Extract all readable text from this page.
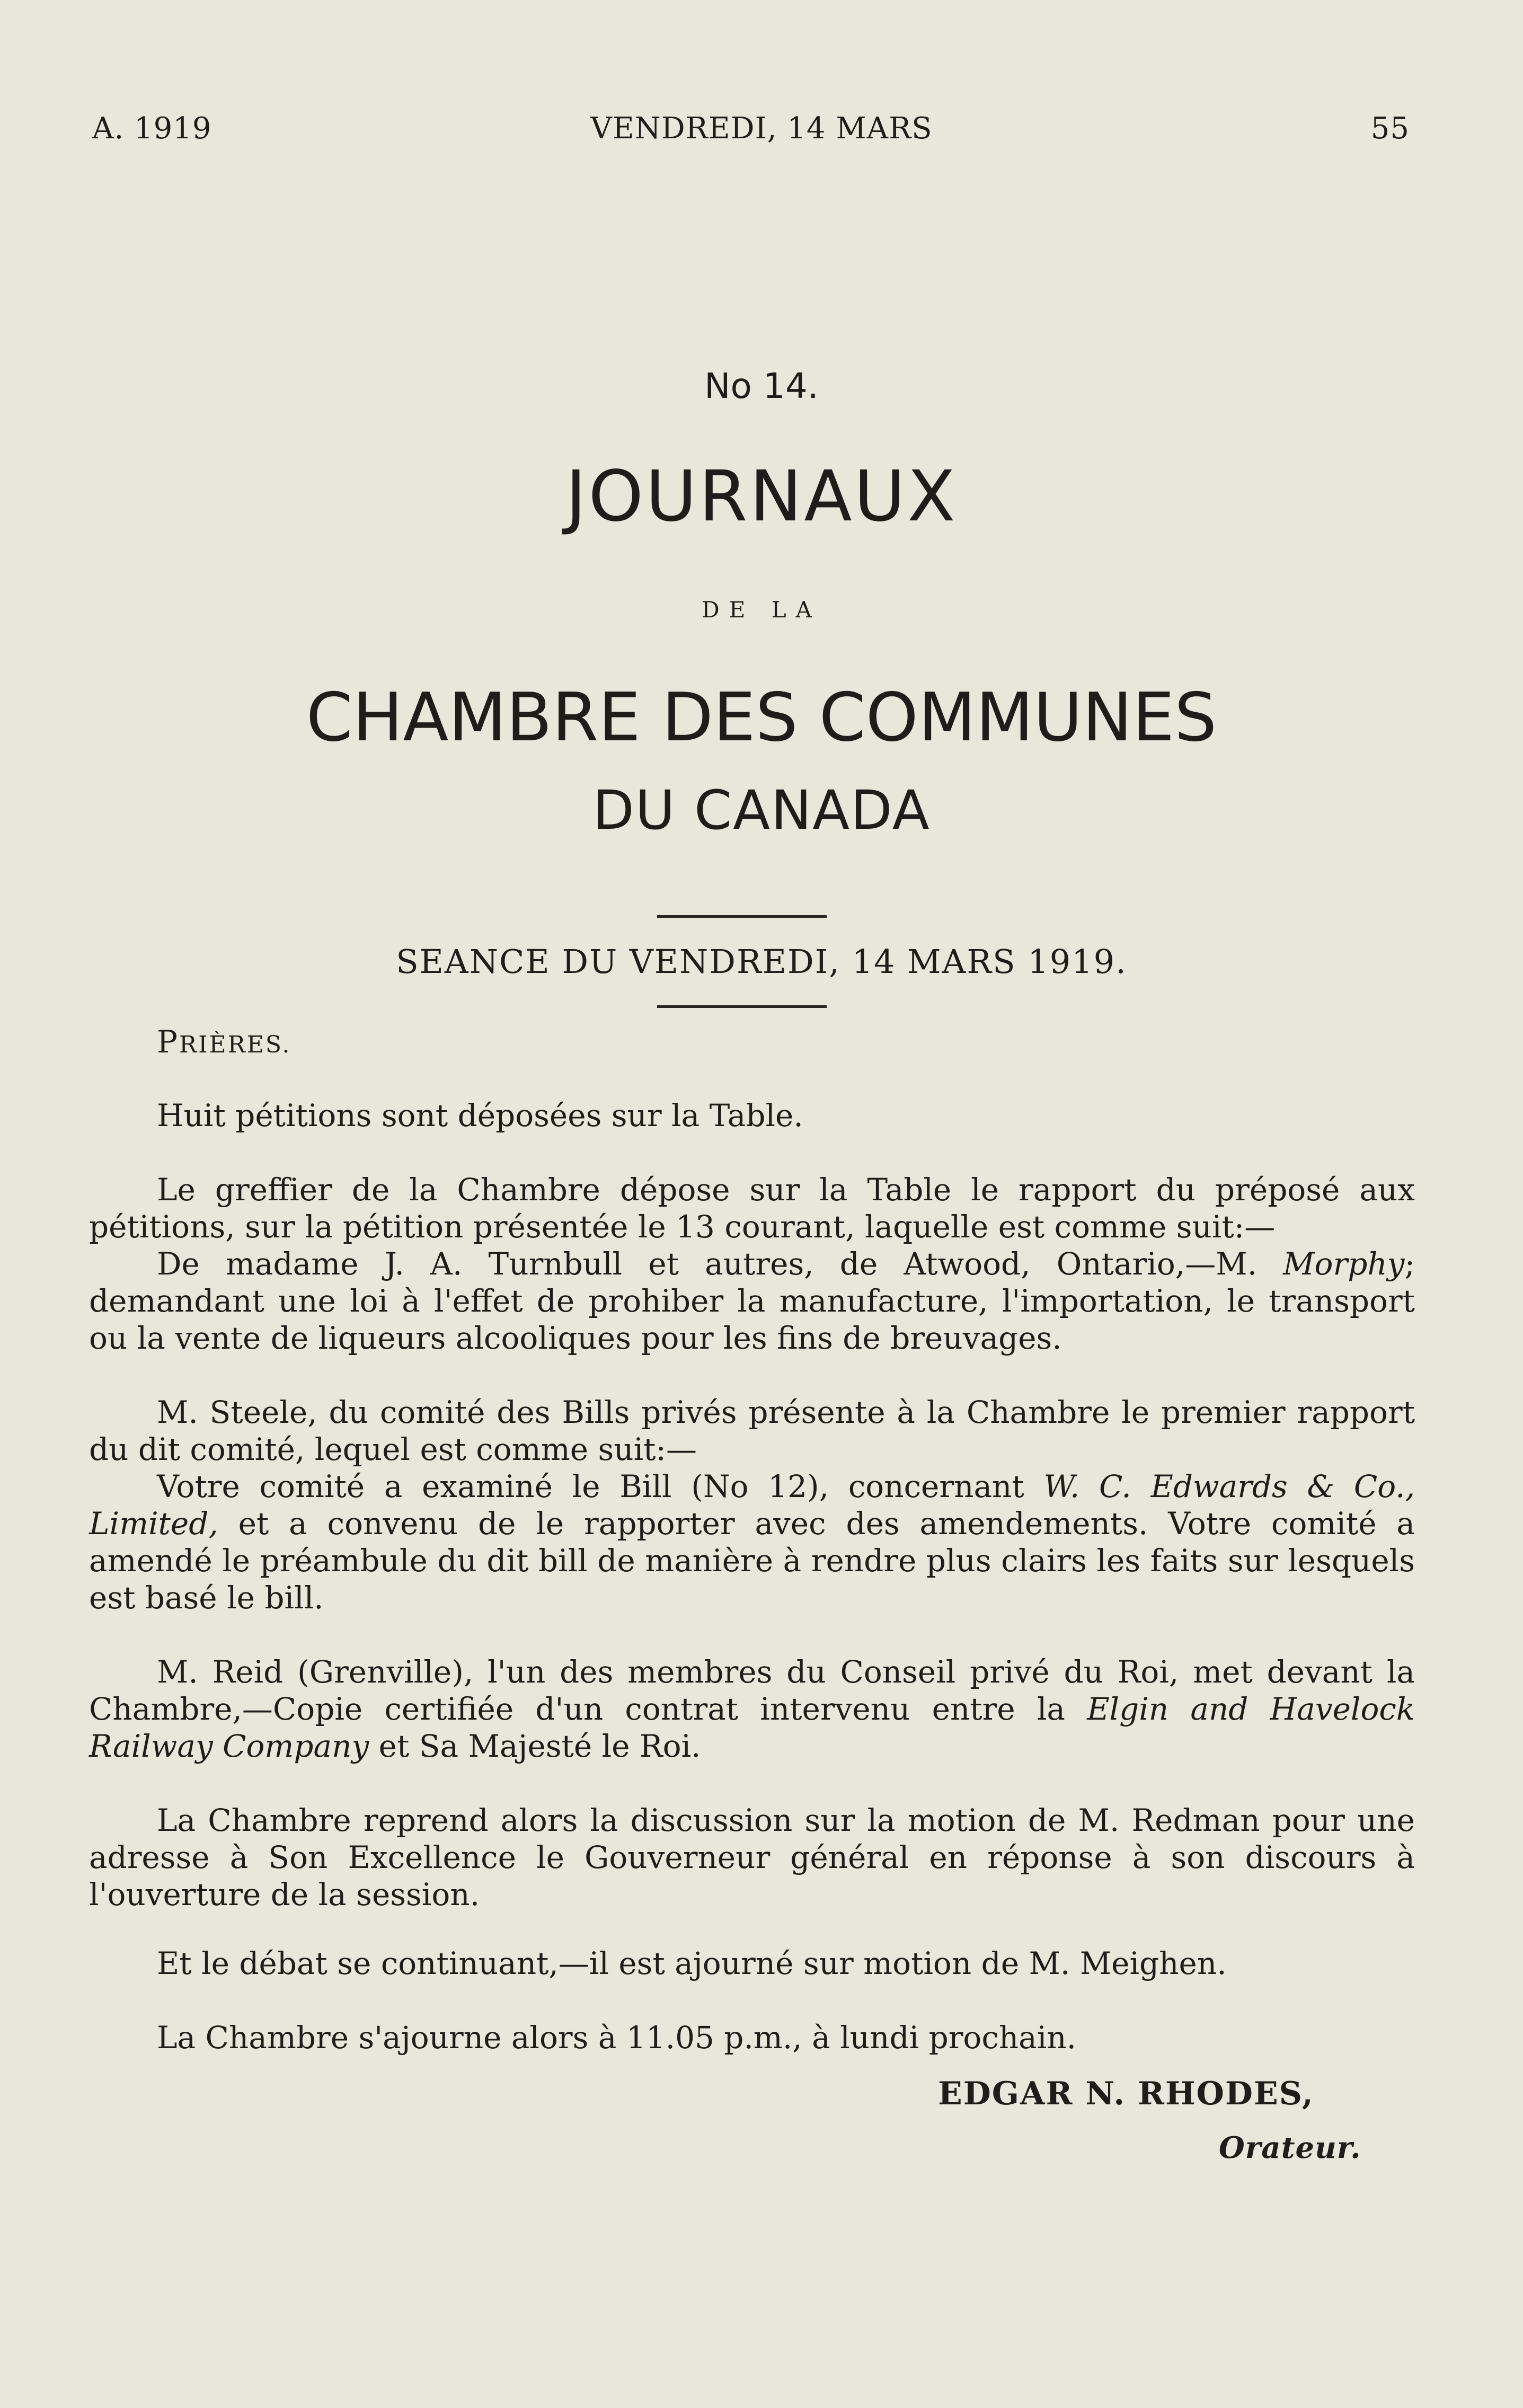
A. 1919	VENDREDI, 14 MARS	55
No 14.
JOURNAUX
DE LA
CHAMBRE DES COMMUNES
DU CANADA
SEANCE DU VENDREDI, 14 MARS 1919.
PRIÈRES.

Huit pétitions sont déposées sur la Table.

Le greffier de la Chambre dépose sur la Table le rapport du préposé aux pétitions, sur la pétition présentée le 13 courant, laquelle est comme suit:—

De madame J. A. Turnbull et autres, de Atwood, Ontario,—M. Morphy; demandant une loi à l'effet de prohiber la manufacture, l'importation, le transport ou la vente de liqueurs alcooliques pour les fins de breuvages.

M. Steele, du comité des Bills privés présente à la Chambre le premier rapport du dit comité, lequel est comme suit:—

Votre comité a examiné le Bill (No 12), concernant W. C. Edwards & Co., Limited, et a convenu de le rapporter avec des amendements. Votre comité a amendé le préambule du dit bill de manière à rendre plus clairs les faits sur lesquels est basé le bill.

M. Reid (Grenville), l'un des membres du Conseil privé du Roi, met devant la Chambre,—Copie certifiée d'un contrat intervenu entre la Elgin and Havelock Railway Company et Sa Majesté le Roi.

La Chambre reprend alors la discussion sur la motion de M. Redman pour une adresse à Son Excellence le Gouverneur général en réponse à son discours à l'ouverture de la session.

Et le débat se continuant,—il est ajourné sur motion de M. Meighen.

La Chambre s'ajourne alors à 11.05 p.m., à lundi prochain.

EDGAR N. RHODES,
Orateur.
